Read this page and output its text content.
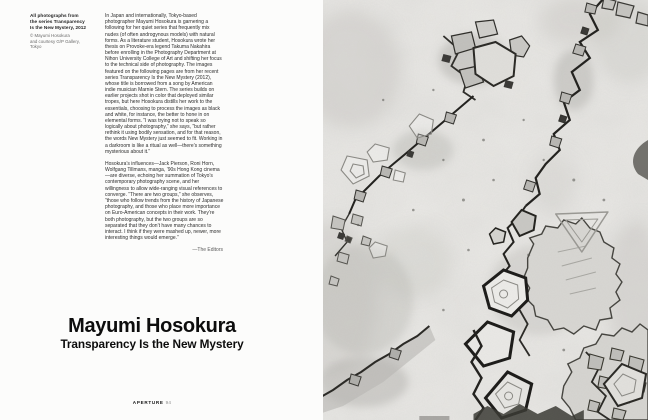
All photographs from
the series Transparency
Is the New Mystery, 2012
© Mayumi Hosokura
and courtesy G/P Gallery,
Tokyo

In Japan and internationally, Tokyo-based photographer Mayumi Hosokura is garnering a following for her quiet series that frequently mix nudes (of often androgynous models) with natural forms. As a literature student, Hosokura wrote her thesis on Provoke-era legend Takuma Nakahira before enrolling in the Photography Department at Nihon University College of Art and shifting her focus to the technical side of photography. The images featured on the following pages are from her recent series Transparency Is the New Mystery (2012), whose title is borrowed from a song by American indie musician Marnie Stern. The series builds on earlier projects shot in color that deployed similar tropes, but here Hosokura distills her work to the essentials, choosing to process the images as black and white, for instance, the better to hone in on elemental forms. “I was trying not to speak so logically about photography,” she says, “but rather rethink it using bodily sensation, and for that reason, the words New Mystery just seemed to fit. Working in a darkroom is like a ritual as well—there’s something mysterious about it.”

Hosokura’s influences—Jack Pierson, Roni Horn, Wolfgang Tillmans, manga, ’90s Hong Kong cinema—are diverse, echoing her summation of Tokyo’s contemporary photography scene, and her willingness to allow wide-ranging visual references to converge. “There are two groups,” she observes, “those who follow trends from the history of Japanese photography, and those who place more importance on Euro-American concepts in their work. They’re both photography, but the two groups are so separated that they don’t have many chances to interact. I think if they were mashed up, newer, more interesting things would emerge.”

—The Editors
Mayumi Hosokura
Transparency Is the New Mystery
APERTURE 94
